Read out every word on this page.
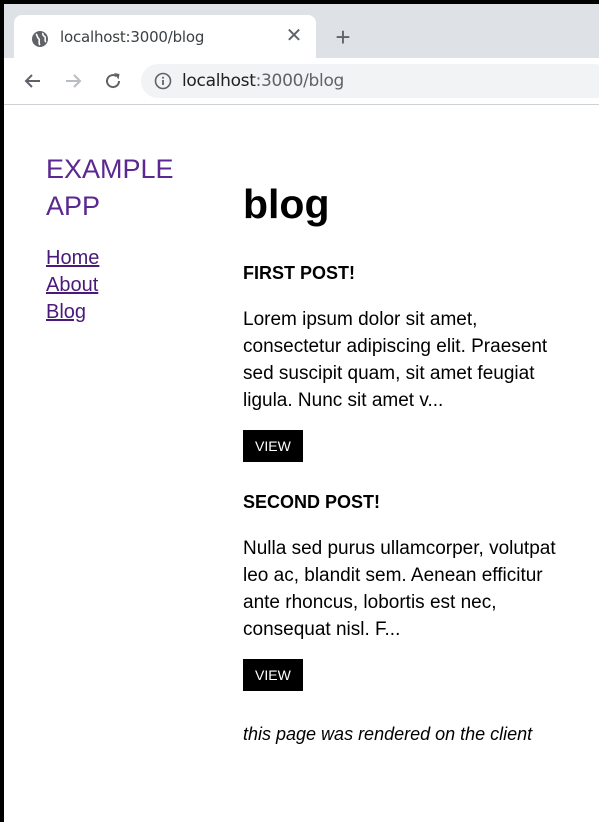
localhost:3000/blog	✕ +
localhost:3000/blog
EXAMPLE APP
Home
About
Blog
blog
FIRST POST!

Lorem ipsum dolor sit amet, consectetur adipiscing elit. Praesent sed suscipit quam, sit amet feugiat ligula. Nunc sit amet v...

VIEW
SECOND POST!

Nulla sed purus ullamcorper, volutpat leo ac, blandit sem. Aenean efficitur ante rhoncus, lobortis est nec, consequat nisl. F...

VIEW

this page was rendered on the client
